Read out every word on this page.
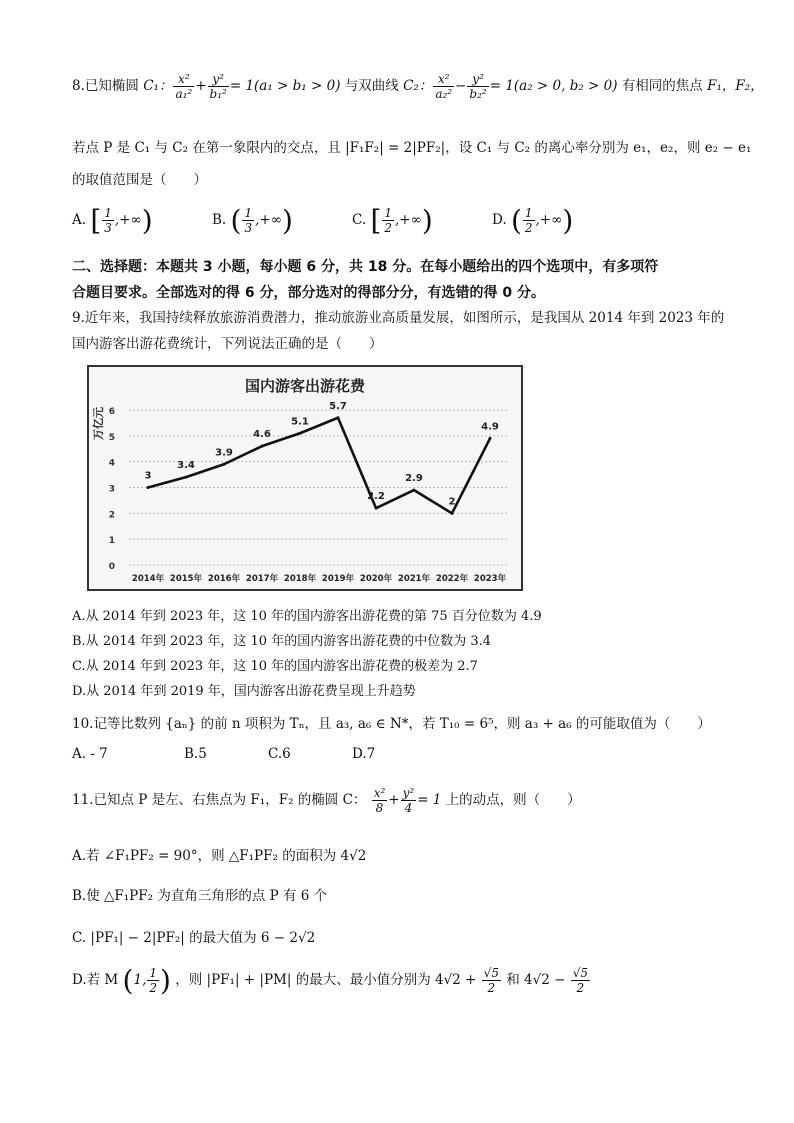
8.已知椭圆 C₁： $\frac{\text{x²}}{\text{a₁²}} + \frac{\text{y²}}{\text{b₁²}} = 1(a_1 > b_1 > 0)$ 与双曲线 C₂： $\frac{\text{x²}}{\text{a₂²}} - \frac{\text{y²}}{\text{b₂²}} = 1(a_2 > 0$, b₂ > 0) 有相同的焦点 F₁，F₂，
若点 P 是 C₁ 与 C₂ 在第一象限内的交点，且 |F₁F₂| = 2|PF₂|，设 C₁ 与 C₂ 的离心率分别为 e₁，e₂，则 e₂ − e₁
的取值范围是（　　）
A. [ $\frac{1}{3}$ ,+∞)	B. ( $\frac{1}{3}$ ,+∞)	C. [ $\frac{1}{2}$ ,+∞)	D. ( $\frac{1}{2}$ ,+∞)
二、选择题：本题共 3 小题，每小题 6 分，共 18 分。在每小题给出的四个选项中，有多项符
合题目要求。全部选对的得 6 分，部分选对的得部分分，有选错的得 0 分。
9.近年来，我国持续释放旅游消费潜力，推动旅游业高质量发展，如图所示，是我国从 2014 年到 2023 年的
国内游客出游花费统计，下列说法正确的是（　　）
国内游客出游花费
万亿元
0
1
2
3
4
5
6
3
3.4
3.9
4.6
5.1
5.7
2.2
2.9
2
4.9
2014年 2015年 2016年 2017年 2018年 2019年 2020年 2021年 2022年 2023年
A.从 2014 年到 2023 年，这 10 年的国内游客出游花费的第 75 百分位数为 4.9
B.从 2014 年到 2023 年，这 10 年的国内游客出游花费的中位数为 3.4
C.从 2014 年到 2023 年，这 10 年的国内游客出游花费的极差为 2.7
D.从 2014 年到 2019 年，国内游客出游花费呈现上升趋势
10.记等比数列 {aₙ} 的前 n 项积为 Tₙ，且 a₃, a₆ ∈ N*，若 T₁₀ = 6⁵，则 a₃ + a₆ 的可能取值为（　　）
A. - 7	B.5	C.6	D.7
11.已知点 P 是左、右焦点为 F₁，F₂ 的椭圆 C： $\frac{\text{x²}}{8} + \frac{\text{y²}}{4} = 1$ 上的动点，则（　　）
A.若 ∠F₁PF₂ = 90°，则 △F₁PF₂ 的面积为 4√2
B.使 △F₁PF₂ 为直角三角形的点 P 有 6 个
C. |PF₁| − 2|PF₂| 的最大值为 6 − 2√2
D.若 M (1, $\frac{1}{2}$ ) ，则 |PF₁| + |PM| 的最大、最小值分别为 $4√2 + \frac{√5}{2}$ 和 $4√2 - \frac{√5}{2}$
